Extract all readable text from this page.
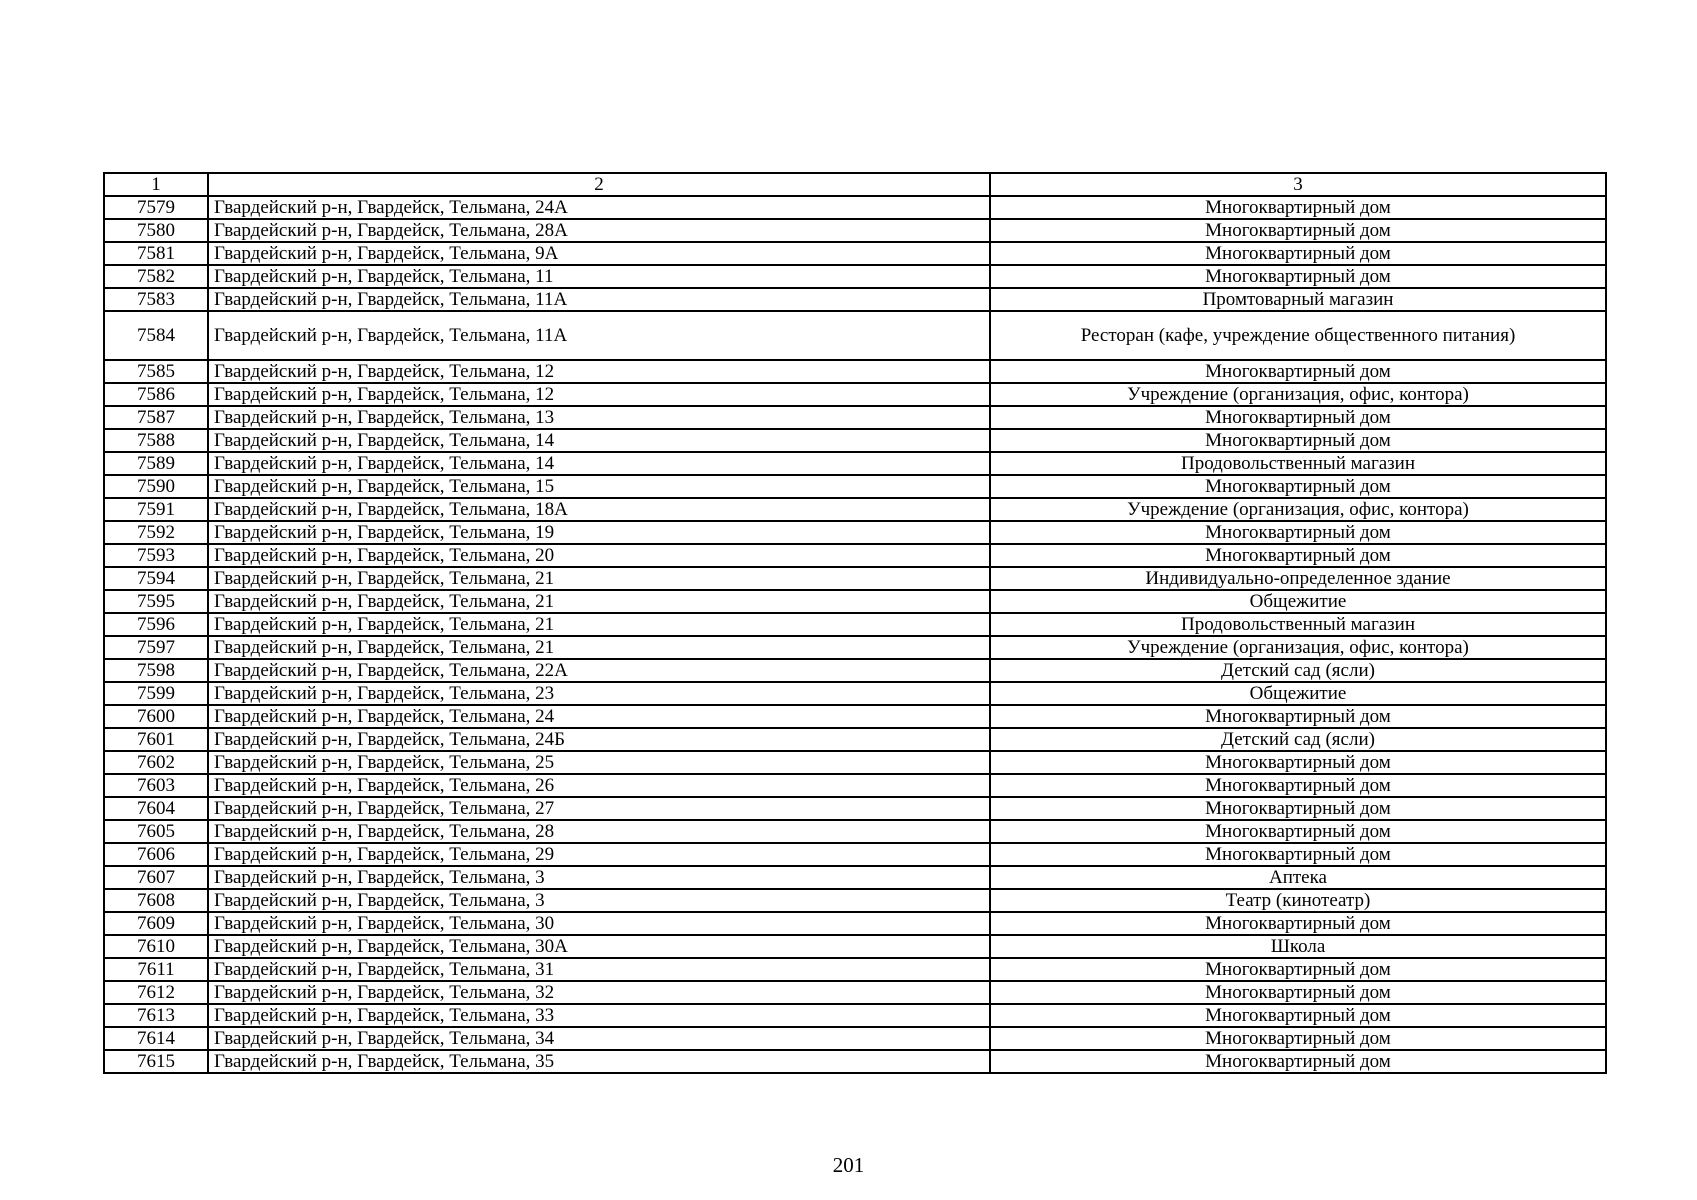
1	2	3
7579	Гвардейский р-н, Гвардейск, Тельмана, 24А	Многоквартирный дом
7580	Гвардейский р-н, Гвардейск, Тельмана, 28А	Многоквартирный дом
7581	Гвардейский р-н, Гвардейск, Тельмана, 9А	Многоквартирный дом
7582	Гвардейский р-н, Гвардейск, Тельмана, 11	Многоквартирный дом
7583	Гвардейский р-н, Гвардейск, Тельмана, 11А	Промтоварный магазин
7584	Гвардейский р-н, Гвардейск, Тельмана, 11А	Ресторан (кафе, учреждение общественного питания)
7585	Гвардейский р-н, Гвардейск, Тельмана, 12	Многоквартирный дом
7586	Гвардейский р-н, Гвардейск, Тельмана, 12	Учреждение (организация, офис, контора)
7587	Гвардейский р-н, Гвардейск, Тельмана, 13	Многоквартирный дом
7588	Гвардейский р-н, Гвардейск, Тельмана, 14	Многоквартирный дом
7589	Гвардейский р-н, Гвардейск, Тельмана, 14	Продовольственный магазин
7590	Гвардейский р-н, Гвардейск, Тельмана, 15	Многоквартирный дом
7591	Гвардейский р-н, Гвардейск, Тельмана, 18А	Учреждение (организация, офис, контора)
7592	Гвардейский р-н, Гвардейск, Тельмана, 19	Многоквартирный дом
7593	Гвардейский р-н, Гвардейск, Тельмана, 20	Многоквартирный дом
7594	Гвардейский р-н, Гвардейск, Тельмана, 21	Индивидуально-определенное здание
7595	Гвардейский р-н, Гвардейск, Тельмана, 21	Общежитие
7596	Гвардейский р-н, Гвардейск, Тельмана, 21	Продовольственный магазин
7597	Гвардейский р-н, Гвардейск, Тельмана, 21	Учреждение (организация, офис, контора)
7598	Гвардейский р-н, Гвардейск, Тельмана, 22А	Детский сад (ясли)
7599	Гвардейский р-н, Гвардейск, Тельмана, 23	Общежитие
7600	Гвардейский р-н, Гвардейск, Тельмана, 24	Многоквартирный дом
7601	Гвардейский р-н, Гвардейск, Тельмана, 24Б	Детский сад (ясли)
7602	Гвардейский р-н, Гвардейск, Тельмана, 25	Многоквартирный дом
7603	Гвардейский р-н, Гвардейск, Тельмана, 26	Многоквартирный дом
7604	Гвардейский р-н, Гвардейск, Тельмана, 27	Многоквартирный дом
7605	Гвардейский р-н, Гвардейск, Тельмана, 28	Многоквартирный дом
7606	Гвардейский р-н, Гвардейск, Тельмана, 29	Многоквартирный дом
7607	Гвардейский р-н, Гвардейск, Тельмана, 3	Аптека
7608	Гвардейский р-н, Гвардейск, Тельмана, 3	Театр (кинотеатр)
7609	Гвардейский р-н, Гвардейск, Тельмана, 30	Многоквартирный дом
7610	Гвардейский р-н, Гвардейск, Тельмана, 30А	Школа
7611	Гвардейский р-н, Гвардейск, Тельмана, 31	Многоквартирный дом
7612	Гвардейский р-н, Гвардейск, Тельмана, 32	Многоквартирный дом
7613	Гвардейский р-н, Гвардейск, Тельмана, 33	Многоквартирный дом
7614	Гвардейский р-н, Гвардейск, Тельмана, 34	Многоквартирный дом
7615	Гвардейский р-н, Гвардейск, Тельмана, 35	Многоквартирный дом
201
